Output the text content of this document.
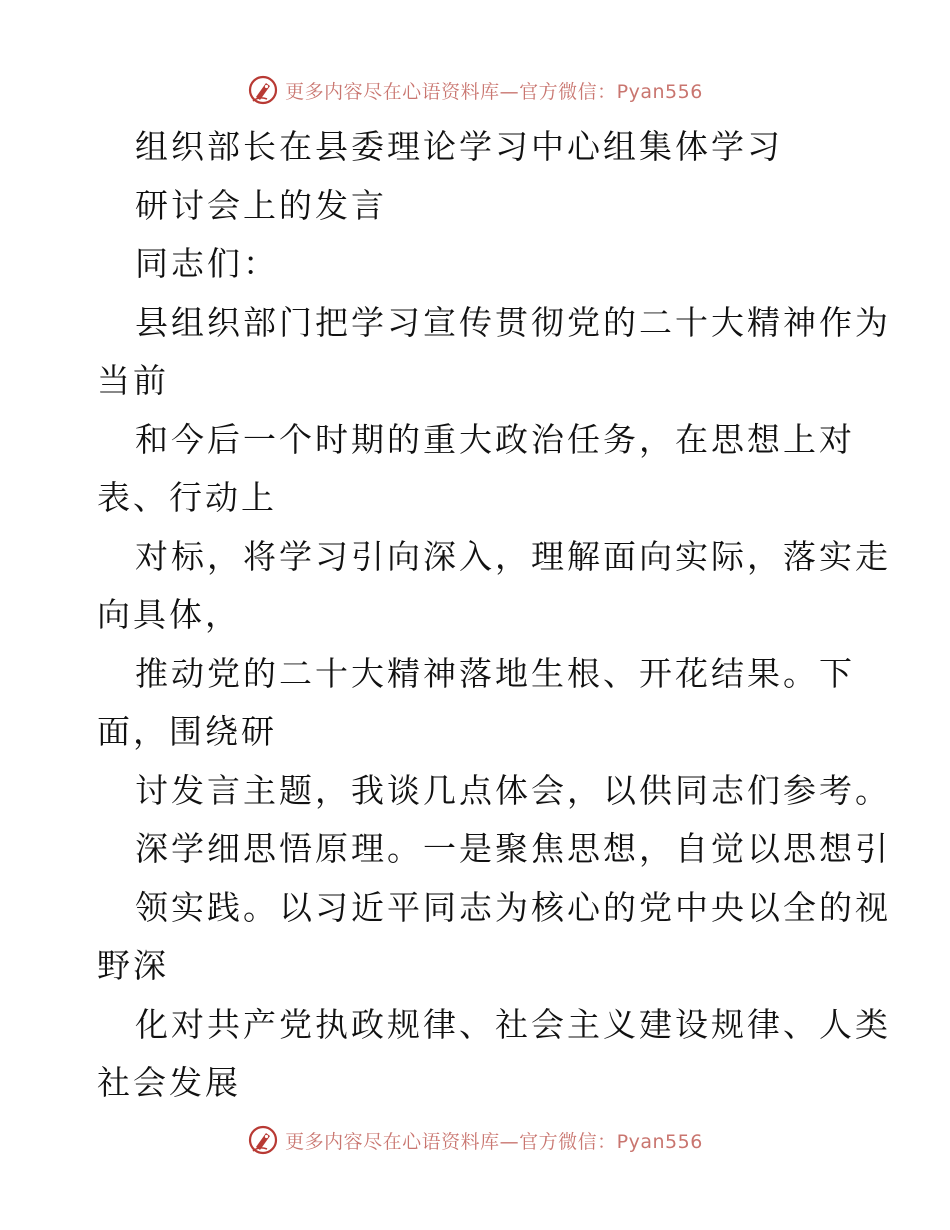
更多内容尽在心语资料库—官方微信：Pyan556
组织部长在县委理论学习中心组集体学习
研讨会上的发言
同志们：
县组织部门把学习宣传贯彻党的二十大精神作为
当前
和今后一个时期的重大政治任务，在思想上对
表、行动上
对标，将学习引向深入，理解面向实际，落实走
向具体，
推动党的二十大精神落地生根、开花结果。下
面，围绕研
讨发言主题，我谈几点体会，以供同志们参考。
深学细思悟原理。一是聚焦思想，自觉以思想引
领实践。以习近平同志为核心的党中央以全的视
野深
化对共产党执政规律、社会主义建设规律、人类
社会发展
更多内容尽在心语资料库—官方微信：Pyan556
